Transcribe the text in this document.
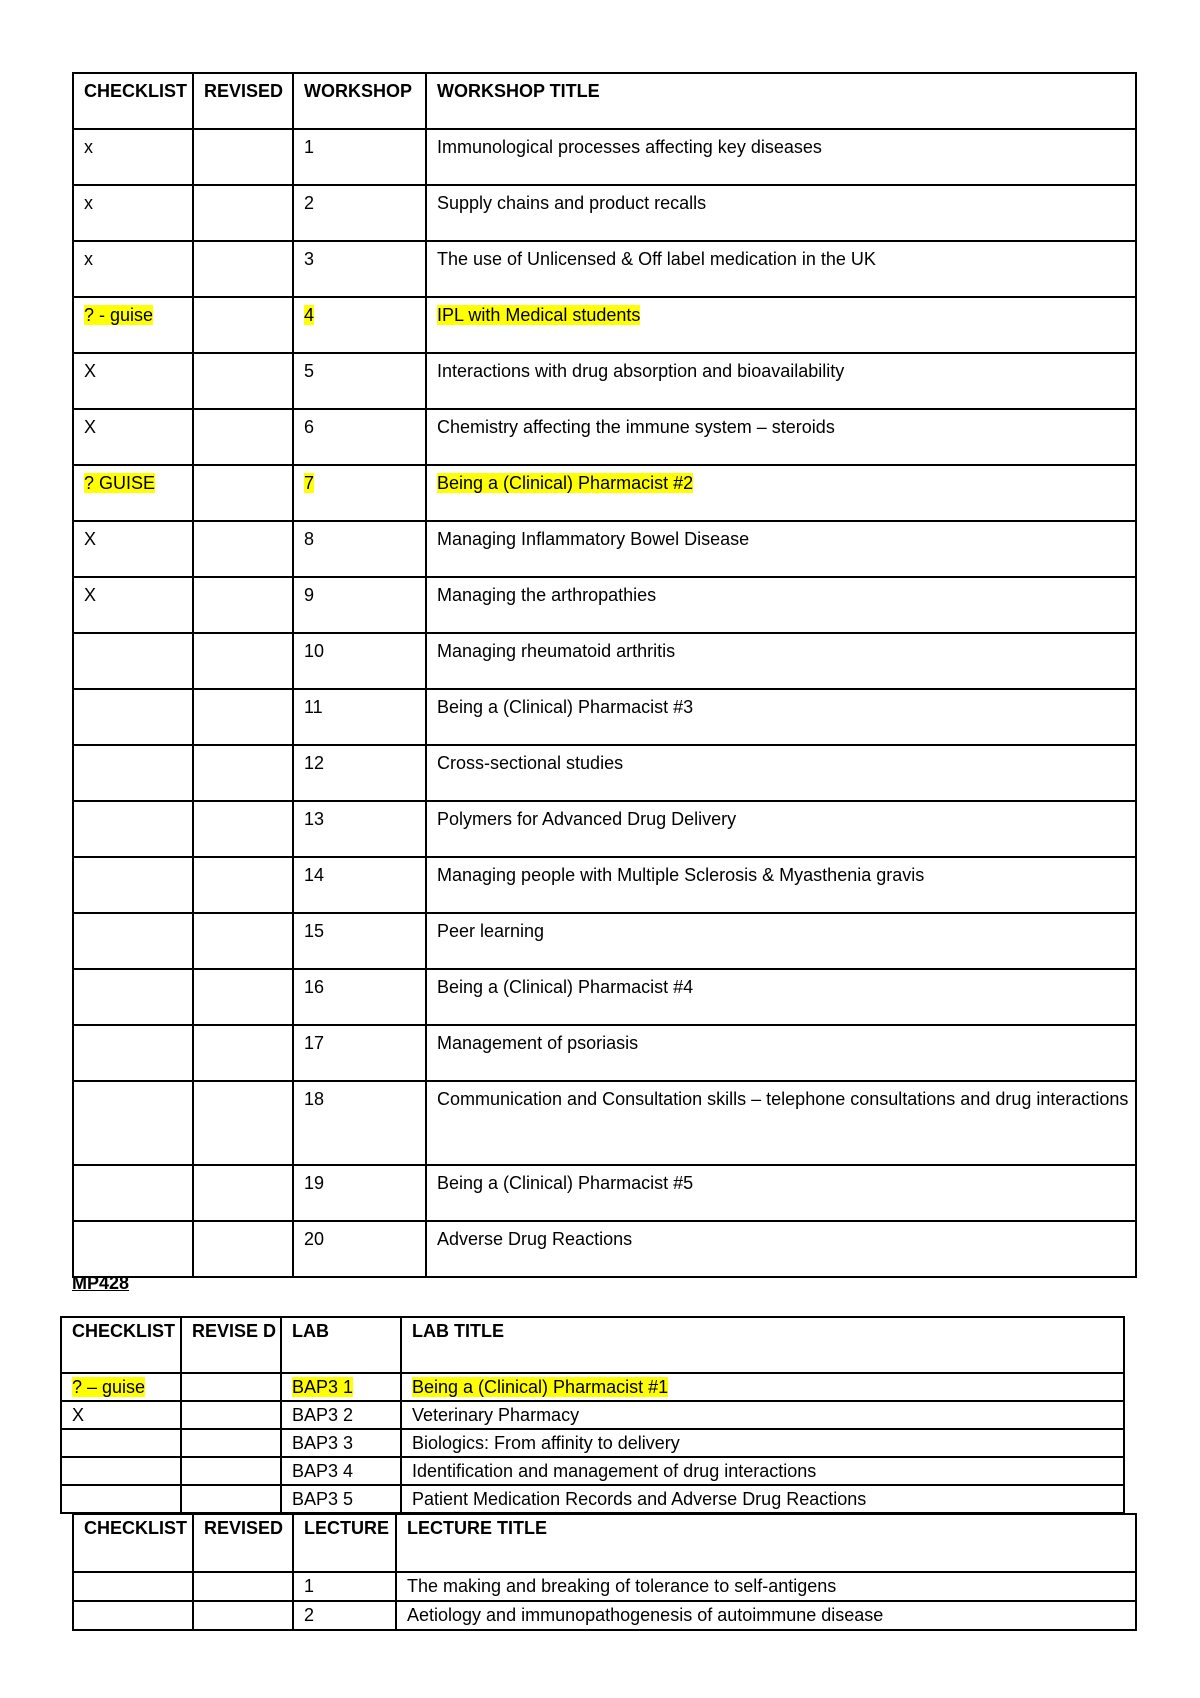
CHECKLIST	REVISED	WORKSHOP	WORKSHOP TITLE
x		1	Immunological processes affecting key diseases
x		2	Supply chains and product recalls
x		3	The use of Unlicensed & Off label medication in the UK
? - guise		4	IPL with Medical students
X		5	Interactions with drug absorption and bioavailability
X		6	Chemistry affecting the immune system – steroids
? GUISE		7	Being a (Clinical) Pharmacist #2
X		8	Managing Inflammatory Bowel Disease
X		9	Managing the arthropathies
		10	Managing rheumatoid arthritis
		11	Being a (Clinical) Pharmacist #3
		12	Cross-sectional studies
		13	Polymers for Advanced Drug Delivery
		14	Managing people with Multiple Sclerosis & Myasthenia gravis
		15	Peer learning
		16	Being a (Clinical) Pharmacist #4
		17	Management of psoriasis
		18	Communication and Consultation skills – telephone consultations and drug interactions
		19	Being a (Clinical) Pharmacist #5
		20	Adverse Drug Reactions
MP428
CHECKLIST	REVISE D	LAB	LAB TITLE
? – guise		BAP3 1	Being a (Clinical) Pharmacist #1
X		BAP3 2	Veterinary Pharmacy
		BAP3 3	Biologics: From affinity to delivery
		BAP3 4	Identification and management of drug interactions
		BAP3 5	Patient Medication Records and Adverse Drug Reactions
CHECKLIST	REVISED	LECTURE	LECTURE TITLE
		1	The making and breaking of tolerance to self-antigens
		2	Aetiology and immunopathogenesis of autoimmune disease
